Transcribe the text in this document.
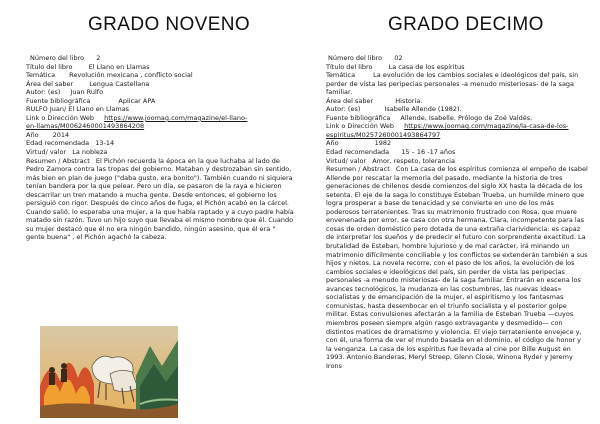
GRADO NOVENO
Número del libro 2
Título del libro El Llano en Llamas
Temática Revolución mexicana , conflicto social
Área del saber Lengua Castellana
Autor: (es) Juan Rulfo
Fuente bibliográfica	Aplicar APA
RULFO Juan/ El Llano en Llamas
Link o Dirección Web https://www.joomag.com/magazine/el-llano-
en-llamas/M0062460001493864208
Año 2014
Edad recomendada 13-14
Virtud/ valor La nobleza
Resumen / Abstract El Pichón recuerda la época en la que luchaba al lado de Pedro Zamora contra las tropas del gobierno. Mataban y destrozaban sin sentido, más bien en plan de juego ("daba gusto, era bonito"). También cuando ni siquiera tenían bandera por la que pelear. Pero un día, se pasaron de la raya e hicieron descarrilar un tren matando a mucha gente. Desde entonces, el gobierno los persiguió con rigor. Después de cinco años de fuga, el Pichón acabó en la cárcel. Cuando salió, lo esperaba una mujer, a la que había raptado y a cuyo padre había matado sin razón. Tuvo un hijo suyo que llevaba el mismo nombre que él. Cuando su mujer destacó que él no era ningún bandido, ningún asesino, que él era " gente buena" , el Pichón agachó la cabeza.
GRADO DECIMO
Número del libro 02
Título del libro La casa de los espíritus
Temática	La evolución de los cambios sociales e ideológicos del país, sin perder de vista las peripecias personales -a menudo misteriosas- de la saga familiar.
Área del saber	Historia.
Autor: (es)	Isabelle Allende (1982).
Fuente bibliográfica Allende, Isabelle. Prólogo de Zoé Valdés.
Link o Dirección Web https://www.joomag.com/magazine/la-casa-de-los-
espiritus/M0257260001493864797
Año	1982
Edad recomendada 15 – 16 -17 años
Virtud/ valor Amor, respeto, tolerancia
Resumen / Abstract Con La casa de los espíritus comienza el empeño de Isabel Allende por rescatar la memoria del pasado, mediante la historia de tres generaciones de chilenos desde comienzos del siglo XX hasta la década de los setenta. El eje de la saga lo constituye Esteban Trueba, un humilde minero que logra prosperar a base de tenacidad y se convierte en uno de los más poderosos terratenientes. Tras su matrimonio frustrado con Rosa, que muere envenenada por error, se casa con otra hermana, Clara, incompetente para las cosas de orden doméstico pero dotada de una extraña clarividencia: es capaz de interpretar los sueños y de predecir el futuro con sorprendente exactitud. La brutalidad de Esteban, hombre lujurioso y de mal carácter, irá minando un matrimonio difícilmente conciliable y los conflictos se extenderán también a sus hijos y nietos. La novela recorre, con el paso de los años, la evolución de los cambios sociales e ideológicos del país, sin perder de vista las peripecias personales -a menudo misteriosas- de la saga familiar. Entrarán en escena los avances tecnológicos, la mudanza en las costumbres, las nuevas ideas» socialistas y de emancipación de la mujer, el espiritismo y los fantasmas comunistas, hasta desembocar en el triunfo socialista y el posterior golpe militar. Estas convulsiones afectarán a la familia de Esteban Trueba —cuyos miembros poseen siempre algún rasgo extravagante y desmedido— con distintos matices de dramatismo y violencia. El viejo terrateniente envejece y, con él, una forma de ver el mundo basada en el dominio, el código de honor y la venganza. La casa de los espíritus fue llevada al cine por Bille August en 1993. Antonio Banderas, Meryl Streep, Glenn Close, Winona Ryder y Jeremy Irons
